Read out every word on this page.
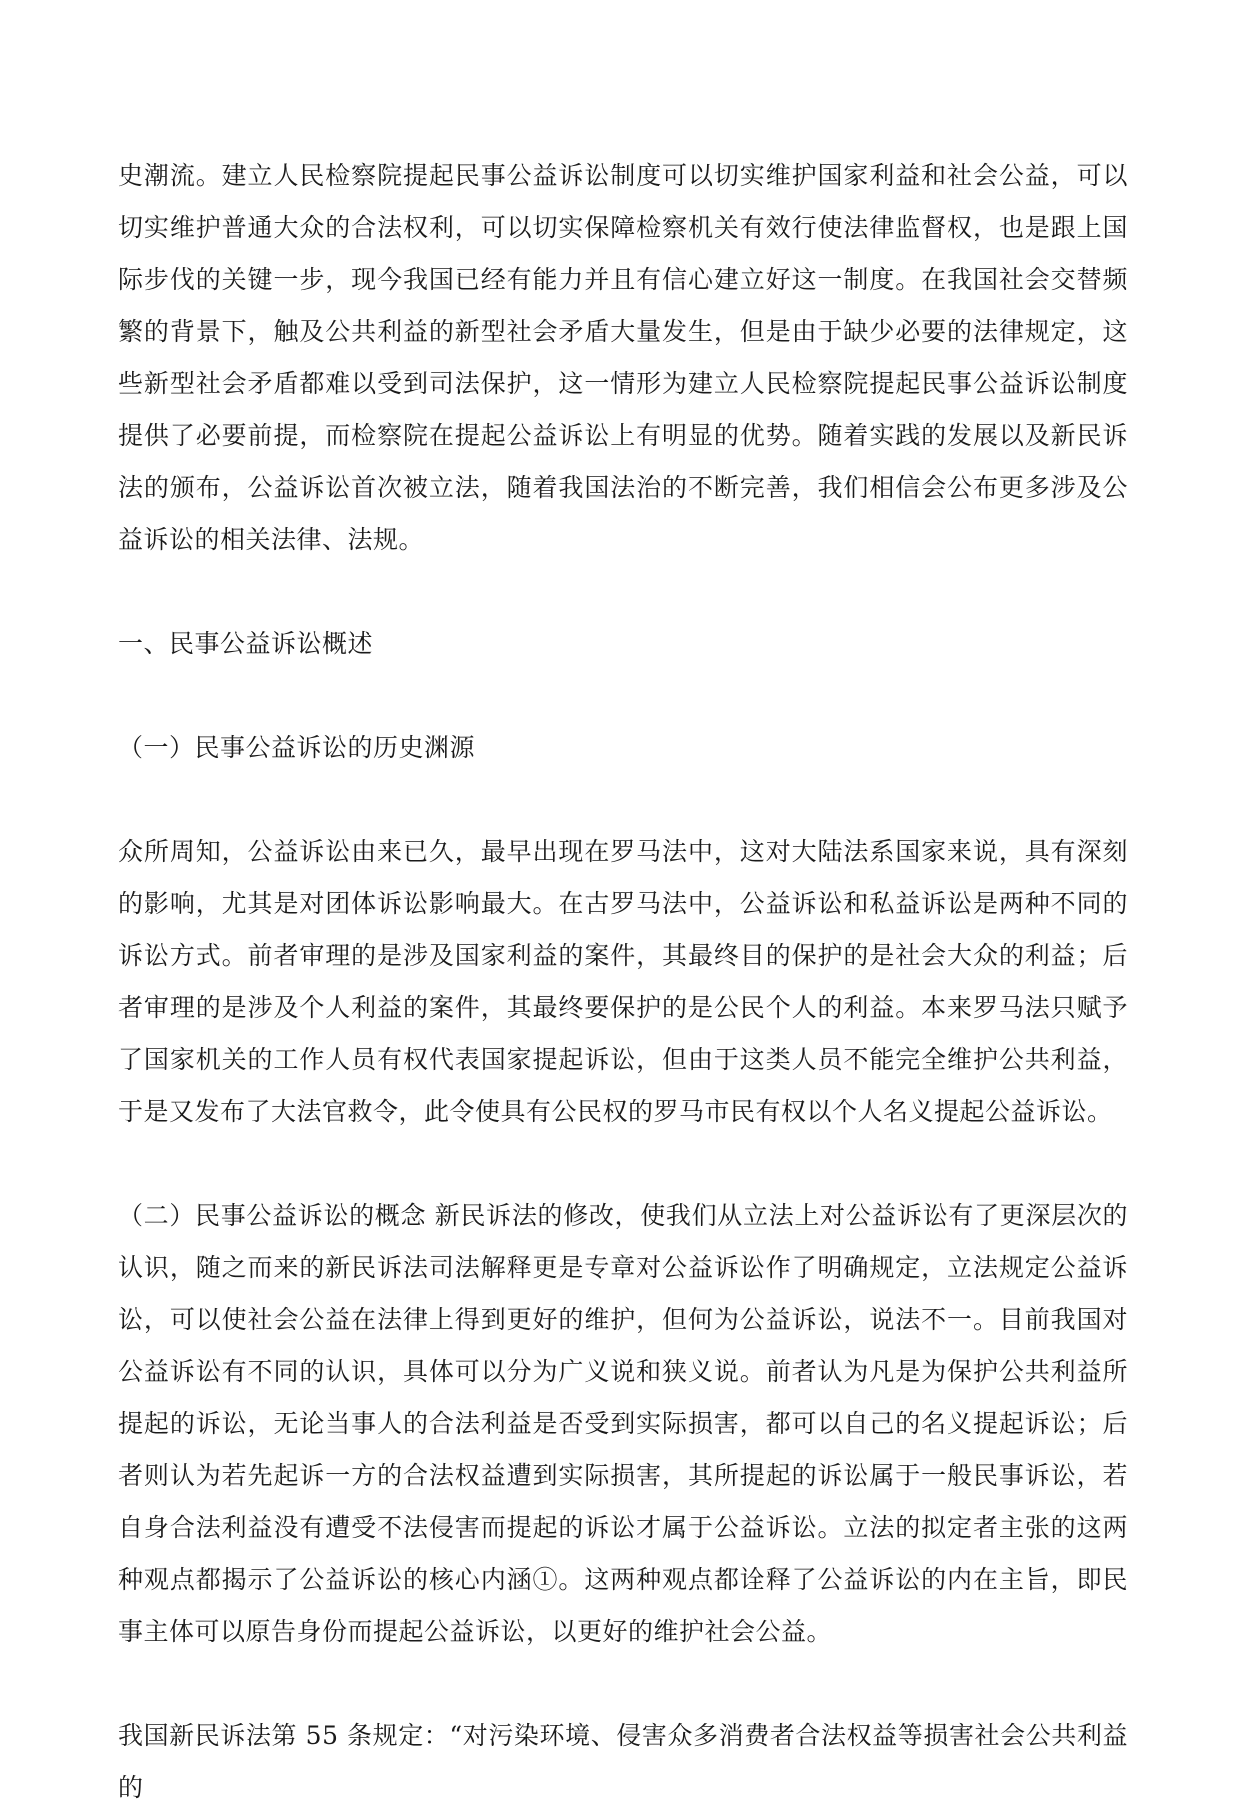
史潮流。建立人民检察院提起民事公益诉讼制度可以切实维护国家利益和社会公益，可以切实维护普通大众的合法权利，可以切实保障检察机关有效行使法律监督权，也是跟上国际步伐的关键一步，现今我国已经有能力并且有信心建立好这一制度。在我国社会交替频繁的背景下，触及公共利益的新型社会矛盾大量发生，但是由于缺少必要的法律规定，这些新型社会矛盾都难以受到司法保护，这一情形为建立人民检察院提起民事公益诉讼制度提供了必要前提，而检察院在提起公益诉讼上有明显的优势。随着实践的发展以及新民诉法的颁布，公益诉讼首次被立法，随着我国法治的不断完善，我们相信会公布更多涉及公益诉讼的相关法律、法规。

一、民事公益诉讼概述

（一）民事公益诉讼的历史渊源

众所周知，公益诉讼由来已久，最早出现在罗马法中，这对大陆法系国家来说，具有深刻的影响，尤其是对团体诉讼影响最大。在古罗马法中，公益诉讼和私益诉讼是两种不同的诉讼方式。前者审理的是涉及国家利益的案件，其最终目的保护的是社会大众的利益；后者审理的是涉及个人利益的案件，其最终要保护的是公民个人的利益。本来罗马法只赋予了国家机关的工作人员有权代表国家提起诉讼，但由于这类人员不能完全维护公共利益，于是又发布了大法官救令，此令使具有公民权的罗马市民有权以个人名义提起公益诉讼。

（二）民事公益诉讼的概念 新民诉法的修改，使我们从立法上对公益诉讼有了更深层次的认识，随之而来的新民诉法司法解释更是专章对公益诉讼作了明确规定，立法规定公益诉讼，可以使社会公益在法律上得到更好的维护，但何为公益诉讼，说法不一。目前我国对公益诉讼有不同的认识，具体可以分为广义说和狭义说。前者认为凡是为保护公共利益所提起的诉讼，无论当事人的合法利益是否受到实际损害，都可以自己的名义提起诉讼；后者则认为若先起诉一方的合法权益遭到实际损害，其所提起的诉讼属于一般民事诉讼，若自身合法利益没有遭受不法侵害而提起的诉讼才属于公益诉讼。立法的拟定者主张的这两种观点都揭示了公益诉讼的核心内涵①。这两种观点都诠释了公益诉讼的内在主旨，即民事主体可以原告身份而提起公益诉讼，以更好的维护社会公益。

我国新民诉法第 55 条规定：“对污染环境、侵害众多消费者合法权益等损害社会公共利益的
